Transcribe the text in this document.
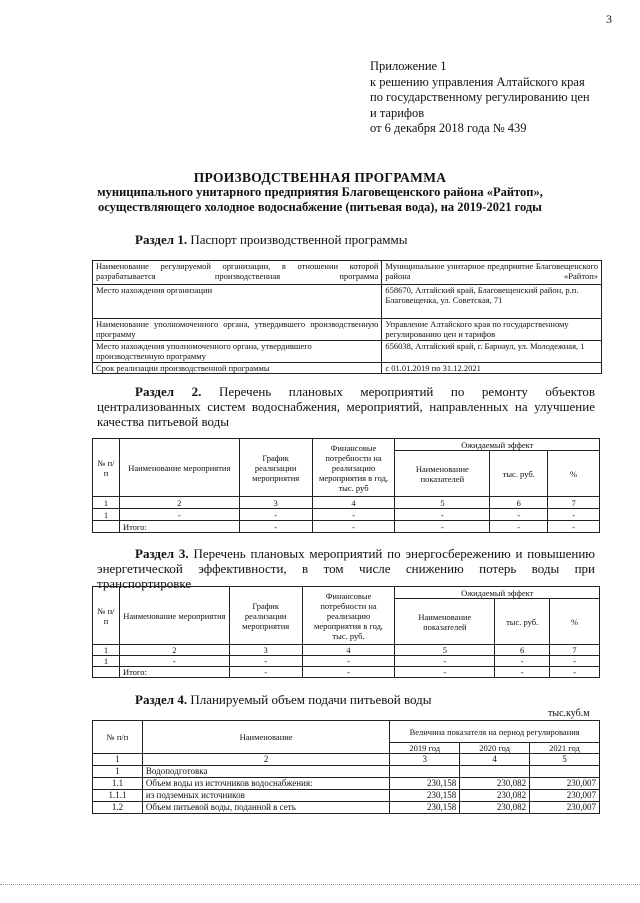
3
Приложение 1
к решению управления Алтайского края
по государственному регулированию цен
и тарифов
от 6 декабря 2018 года № 439
ПРОИЗВОДСТВЕННАЯ ПРОГРАММА
муниципального унитарного предприятия Благовещенского района «Райтоп»,
осуществляющего холодное водоснабжение (питьевая вода), на 2019-2021 годы
Раздел 1. Паспорт производственной программы
Наименование регулируемой организации, в отношении которой разрабатывается производственная программа	Муниципальное унитарное предприятие Благовещенского района «Райтоп»
Место нахождения организации	658670, Алтайский край, Благовещенский район, р.п. Благовещенка, ул. Советская, 71
Наименование уполномоченного органа, утвердившего производственную программу	Управление Алтайского края по государственному регулированию цен и тарифов
Место нахождения уполномоченного органа, утвердившего производственную программу	656038, Алтайский край, г. Барнаул, ул. Молодежная, 1
Срок реализации производственной программы	с 01.01.2019 по 31.12.2021
Раздел 2. Перечень плановых мероприятий по ремонту объектов централизованных систем водоснабжения, мероприятий, направленных на улучшение качества питьевой воды
№ п/п	Наименование мероприятия	График реализации мероприятия	Финансовые потребности на реализацию мероприятия в год, тыс. руб	Ожидаемый эффект		
				Наименование показателей	тыс. руб.	%
1	2	3	4	5	6	7
1	-	-	-	-	-	-
	Итого:	-	-	-	-	-
Раздел 3. Перечень плановых мероприятий по энергосбережению и повышению энергетической эффективности, в том числе снижению потерь воды при транспортировке
№ п/п	Наименование мероприятия	График реализации мероприятия	Финансовые потребности на реализацию мероприятия в год, тыс. руб.	Ожидаемый эффект		
				Наименование показателей	тыс. руб.	%
1	2	3	4	5	6	7
1	-	-	-	-	-	-
	Итого:	-	-	-	-	-
Раздел 4. Планируемый объем подачи питьевой воды
тыс.куб.м
№ п/п	Наименование	Величина показателя на период регулирования		
		2019 год	2020 год	2021 год
1	2	3	4	5
1	Водоподготовка			
1.1	Объем воды из источников водоснабжения:	230,158	230,082	230,007
1.1.1	из подземных источников	230,158	230,082	230,007
1.2	Объем питьевой воды, поданной в сеть	230,158	230,082	230,007
